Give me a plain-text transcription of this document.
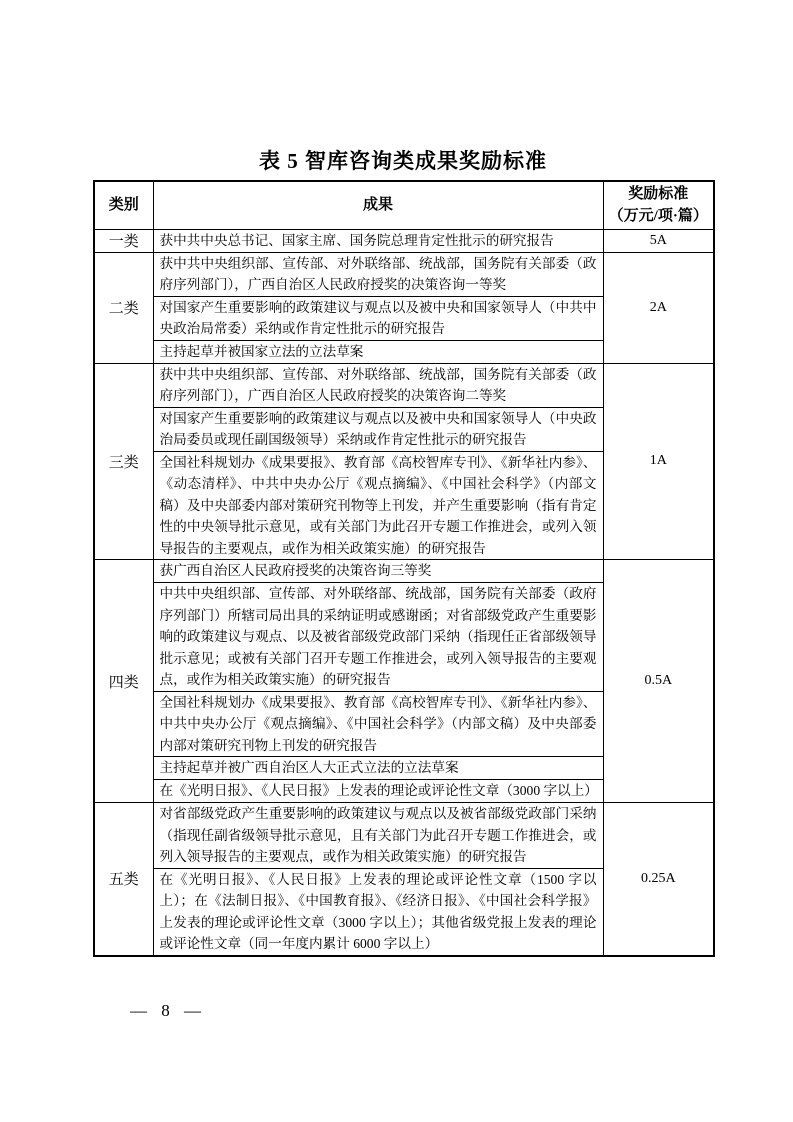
表 5 智库咨询类成果奖励标准
类别	成果	奖励标准
（万元/项·篇）

一类	获中共中央总书记、国家主席、国务院总理肯定性批示的研究报告	5A
二类	获中共中央组织部、宣传部、对外联络部、统战部，国务院有关部委（政府序列部门），广西自治区人民政府授奖的决策咨询一等奖	2A
	对国家产生重要影响的政策建议与观点以及被中央和国家领导人（中共中央政治局常委）采纳或作肯定性批示的研究报告	
	主持起草并被国家立法的立法草案	
三类	获中共中央组织部、宣传部、对外联络部、统战部，国务院有关部委（政府序列部门），广西自治区人民政府授奖的决策咨询二等奖	1A
	对国家产生重要影响的政策建议与观点以及被中央和国家领导人（中央政治局委员或现任副国级领导）采纳或作肯定性批示的研究报告	
	全国社科规划办《成果要报》、教育部《高校智库专刊》、《新华社内参》、《动态清样》、中共中央办公厅《观点摘编》、《中国社会科学》（内部文稿）及中央部委内部对策研究刊物等上刊发，并产生重要影响（指有肯定性的中央领导批示意见，或有关部门为此召开专题工作推进会，或列入领导报告的主要观点，或作为相关政策实施）的研究报告	
四类	获广西自治区人民政府授奖的决策咨询三等奖	0.5A
	中共中央组织部、宣传部、对外联络部、统战部，国务院有关部委（政府序列部门）所辖司局出具的采纳证明或感谢函；对省部级党政产生重要影响的政策建议与观点、以及被省部级党政部门采纳（指现任正省部级领导批示意见；或被有关部门召开专题工作推进会，或列入领导报告的主要观点，或作为相关政策实施）的研究报告	
	全国社科规划办《成果要报》、教育部《高校智库专刊》、《新华社内参》、中共中央办公厅《观点摘编》、《中国社会科学》（内部文稿）及中央部委内部对策研究刊物上刊发的研究报告	
	主持起草并被广西自治区人大正式立法的立法草案	
	在《光明日报》、《人民日报》上发表的理论或评论性文章（3000 字以上）	
五类	对省部级党政产生重要影响的政策建议与观点以及被省部级党政部门采纳（指现任副省级领导批示意见，且有关部门为此召开专题工作推进会，或列入领导报告的主要观点，或作为相关政策实施）的研究报告	0.25A
	在《光明日报》、《人民日报》上发表的理论或评论性文章（1500 字以上）；在《法制日报》、《中国教育报》、《经济日报》、《中国社会科学报》上发表的理论或评论性文章（3000 字以上）；其他省级党报上发表的理论或评论性文章（同一年度内累计 6000 字以上）	
— 8 —
